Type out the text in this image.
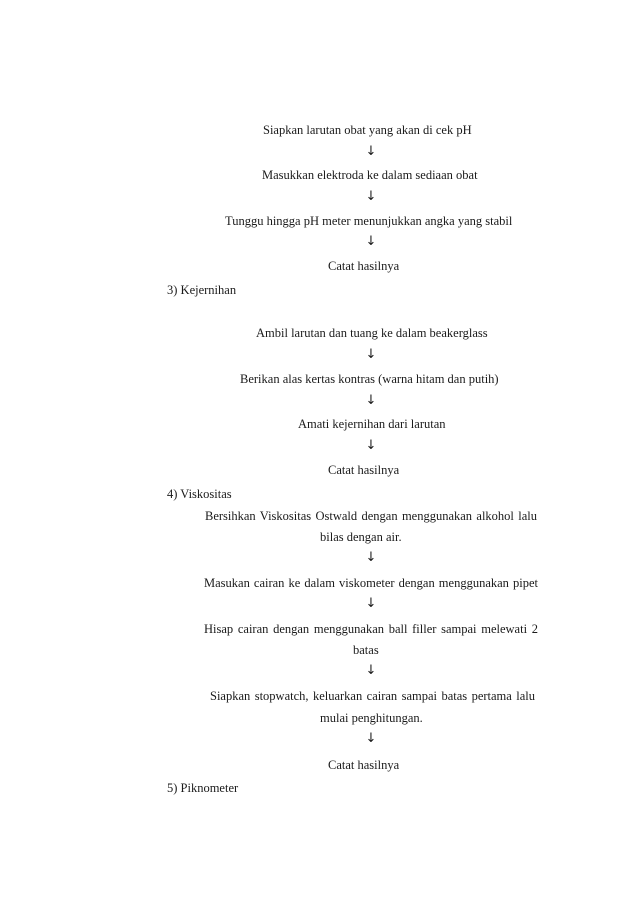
Siapkan larutan obat yang akan di cek pH
↓
Masukkan elektroda ke dalam sediaan obat
↓
Tunggu hingga pH meter menunjukkan angka yang stabil
↓
Catat hasilnya
3) Kejernihan
Ambil larutan dan tuang ke dalam beakerglass
↓
Berikan alas kertas kontras (warna hitam dan putih)
↓
Amati kejernihan dari larutan
↓
Catat hasilnya
4) Viskositas
Bersihkan Viskositas Ostwald dengan menggunakan alkohol lalu
bilas dengan air.
↓
Masukan cairan ke dalam viskometer dengan menggunakan pipet
↓
Hisap cairan dengan menggunakan ball filler sampai melewati 2
batas
↓
Siapkan stopwatch, keluarkan cairan sampai batas pertama lalu
mulai penghitungan.
↓
Catat hasilnya
5) Piknometer
